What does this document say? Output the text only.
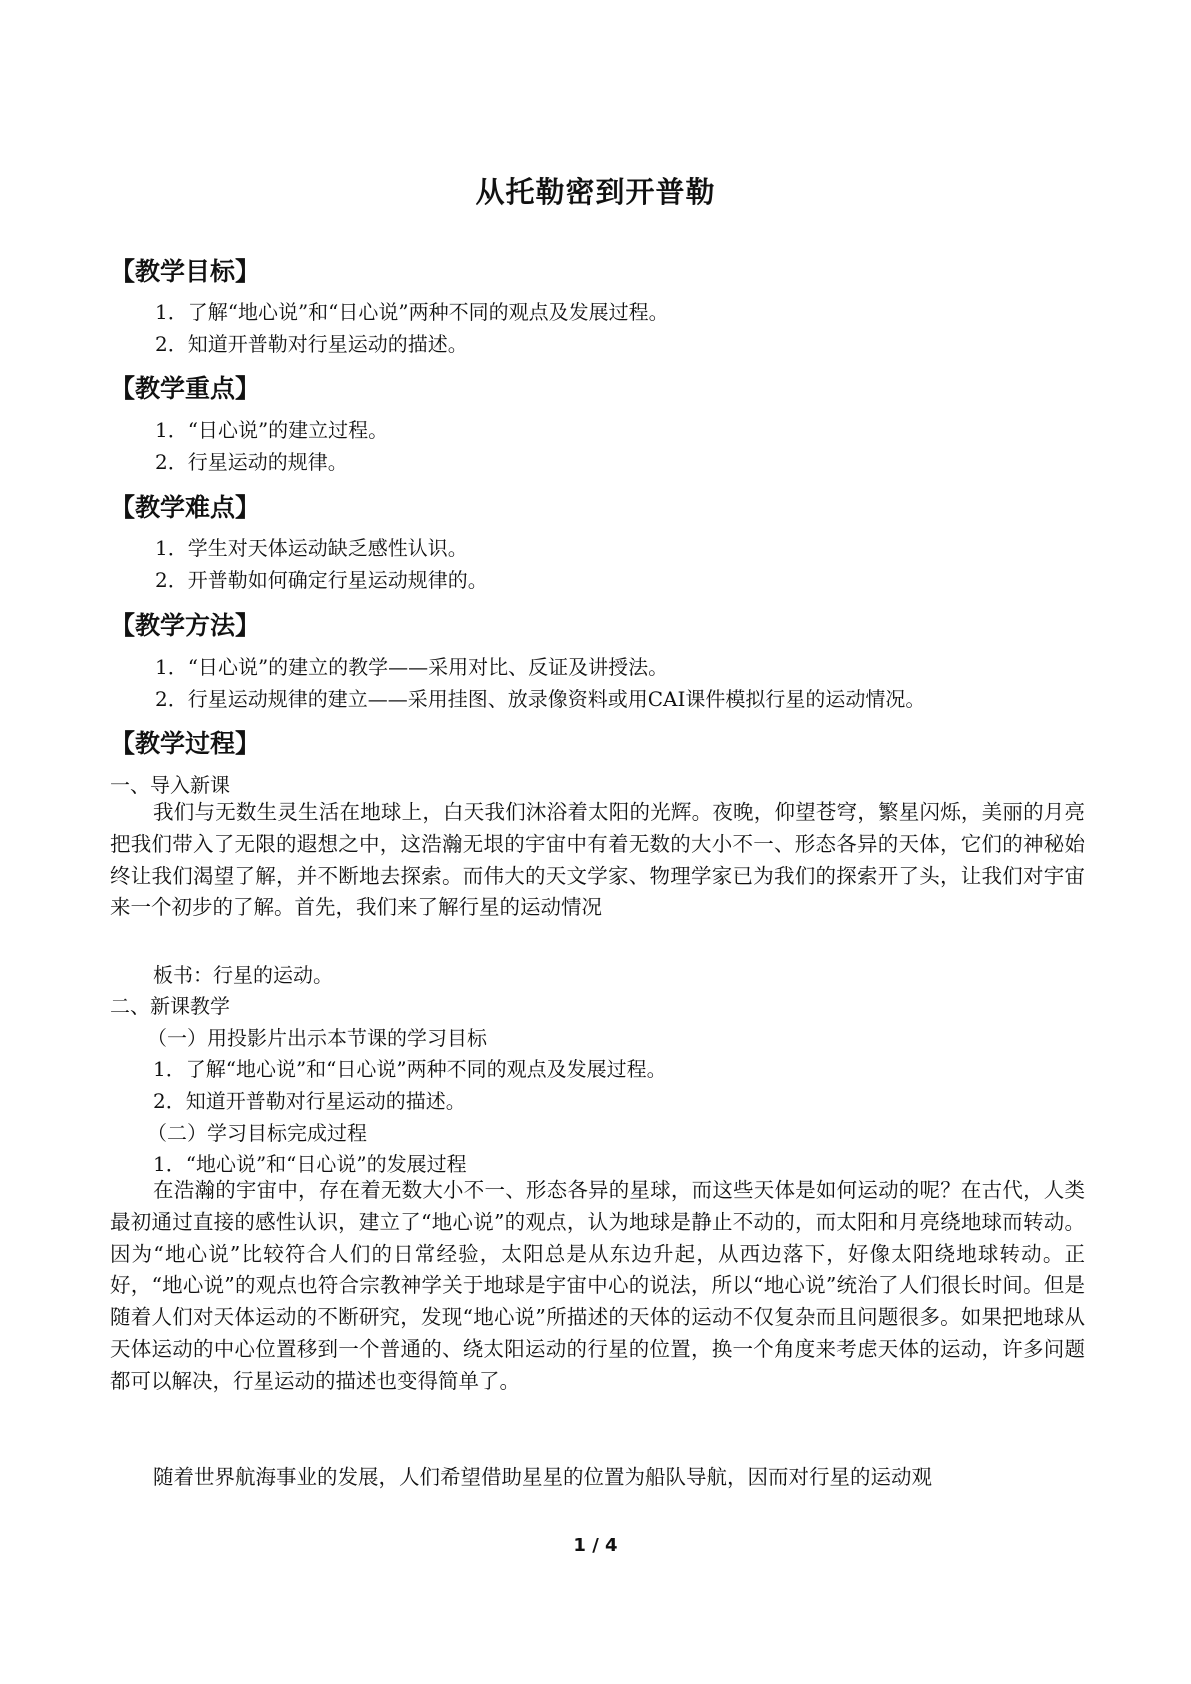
从托勒密到开普勒
【教学目标】
1．了解“地心说”和“日心说”两种不同的观点及发展过程。
2．知道开普勒对行星运动的描述。
【教学重点】
1．“日心说”的建立过程。
2．行星运动的规律。
【教学难点】
1．学生对天体运动缺乏感性认识。
2．开普勒如何确定行星运动规律的。
【教学方法】
1．“日心说”的建立的教学——采用对比、反证及讲授法。
2．行星运动规律的建立——采用挂图、放录像资料或用CAI课件模拟行星的运动情况。
【教学过程】
一、导入新课

我们与无数生灵生活在地球上，白天我们沐浴着太阳的光辉。夜晚，仰望苍穹，繁星闪烁，美丽的月亮把我们带入了无限的遐想之中，这浩瀚无垠的宇宙中有着无数的大小不一、形态各异的天体，它们的神秘始终让我们渴望了解，并不断地去探索。而伟大的天文学家、物理学家已为我们的探索开了头，让我们对宇宙来一个初步的了解。首先，我们来了解行星的运动情况

板书：行星的运动。
二、新课教学
（一）用投影片出示本节课的学习目标
1．了解“地心说”和“日心说”两种不同的观点及发展过程。
2．知道开普勒对行星运动的描述。
（二）学习目标完成过程
1．“地心说”和“日心说”的发展过程

在浩瀚的宇宙中，存在着无数大小不一、形态各异的星球，而这些天体是如何运动的呢？在古代，人类最初通过直接的感性认识，建立了“地心说”的观点，认为地球是静止不动的，而太阳和月亮绕地球而转动。因为“地心说”比较符合人们的日常经验，太阳总是从东边升起，从西边落下，好像太阳绕地球转动。正好，“地心说”的观点也符合宗教神学关于地球是宇宙中心的说法，所以“地心说”统治了人们很长时间。但是随着人们对天体运动的不断研究，发现“地心说”所描述的天体的运动不仅复杂而且问题很多。如果把地球从天体运动的中心位置移到一个普通的、绕太阳运动的行星的位置，换一个角度来考虑天体的运动，许多问题都可以解决，行星运动的描述也变得简单了。

随着世界航海事业的发展，人们希望借助星星的位置为船队导航，因而对行星的运动观

1 / 4
